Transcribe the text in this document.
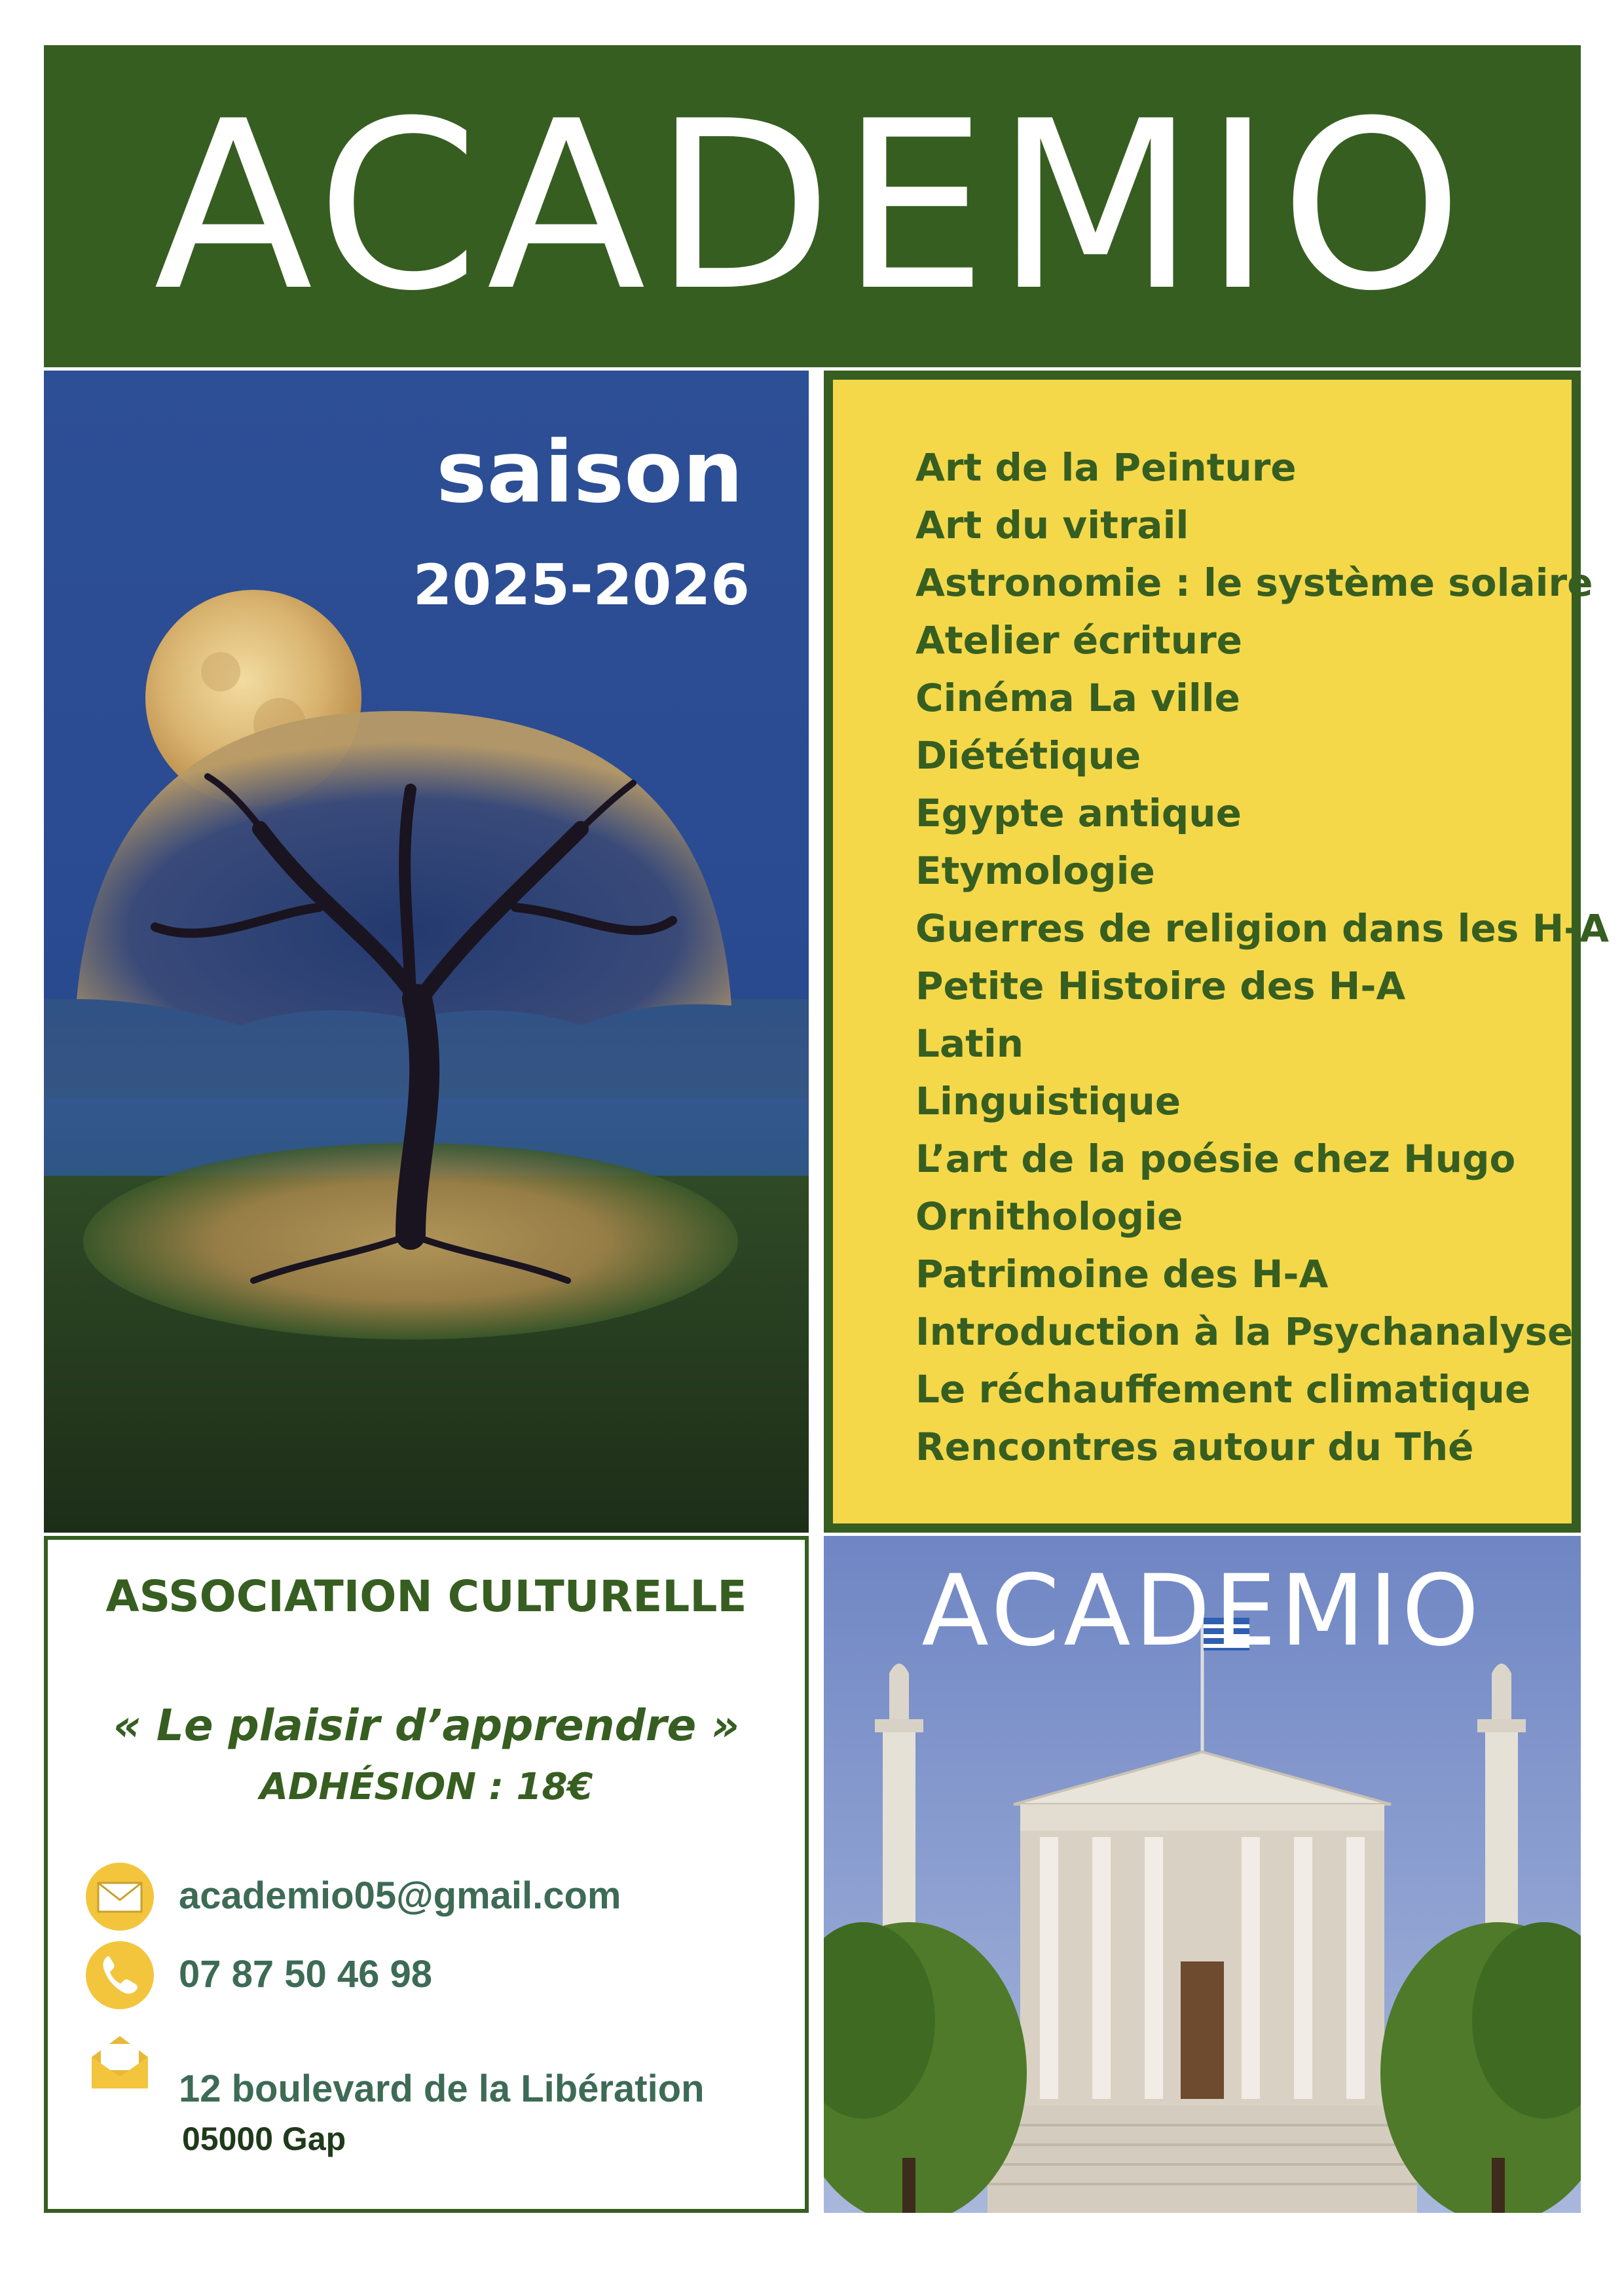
ACADEMIO
saison
2025-2026
Art de la Peinture
Art du vitrail
Astronomie : le système solaire
Atelier écriture
Cinéma La ville
Diététique
Egypte antique
Etymologie
Guerres de religion dans les H-A
Petite Histoire des H-A
Latin
Linguistique
L’art de la poésie chez Hugo
Ornithologie
Patrimoine des H-A
Introduction à la Psychanalyse
Le réchauffement climatique
Rencontres autour du Thé
ASSOCIATION CULTURELLE
« Le plaisir d’apprendre »
ADHÉSION : 18€
academio05@gmail.com
07 87 50 46 98
12 boulevard de la Libération
05000 Gap
ACADEMIO
